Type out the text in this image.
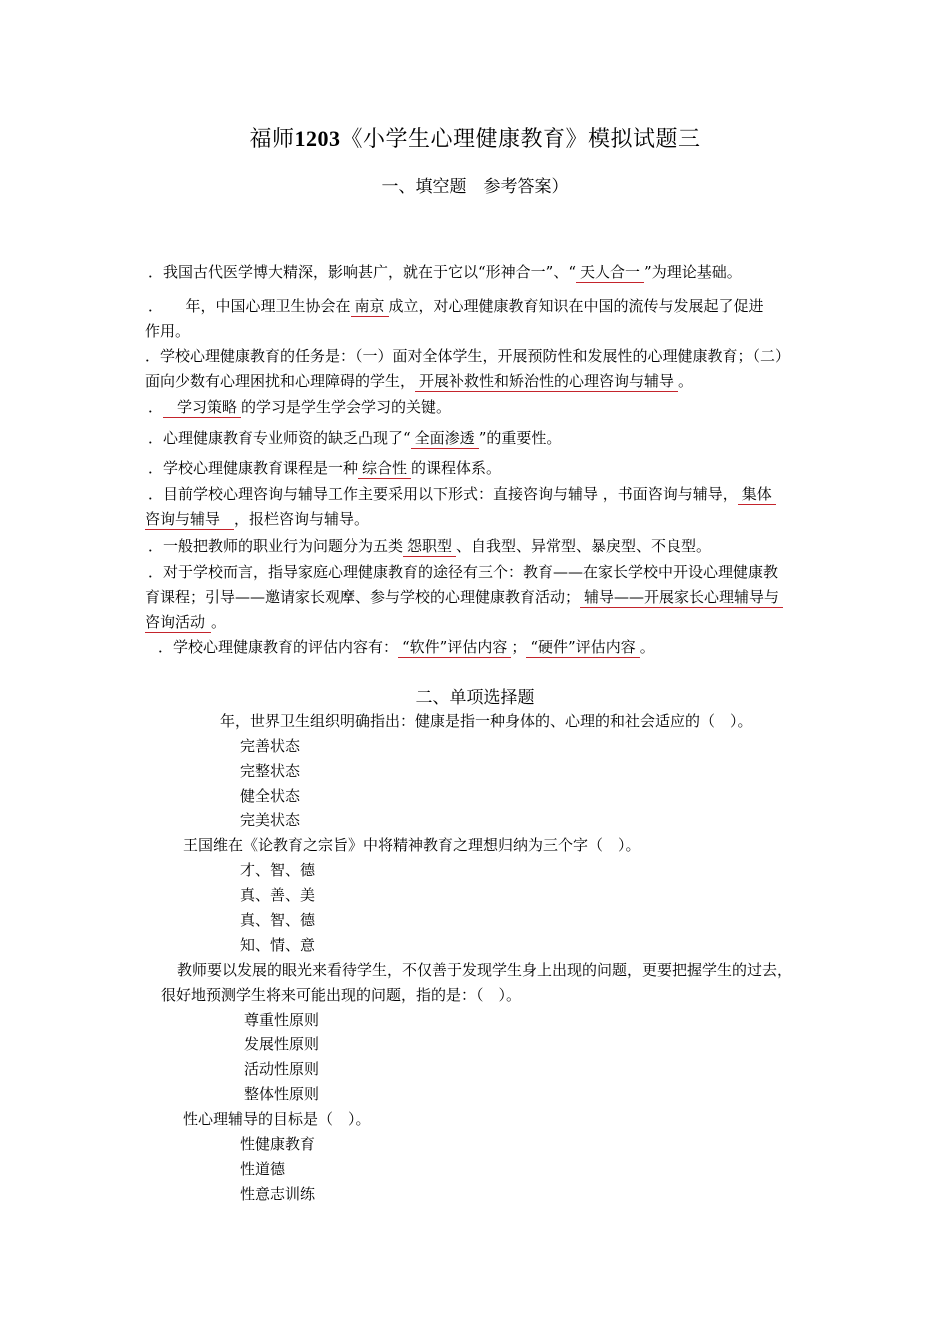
福师1203《小学生心理健康教育》模拟试题三
一、填空题　参考答案）
．我国古代医学博大精深，影响甚广，就在于它以“形神合一”、“ 天人合一 ”为理论基础。
．　　年，中国心理卫生协会在 南京 成立，对心理健康教育知识在中国的流传与发展起了促进
作用。
．学校心理健康教育的任务是：（一）面对全体学生，开展预防性和发展性的心理健康教育；（二）
面向少数有心理困扰和心理障碍的学生， 开展补救性和矫治性的心理咨询与辅导 。
． 学习策略 的学习是学生学会学习的关键。
．心理健康教育专业师资的缺乏凸现了“ 全面渗透 ”的重要性。
．学校心理健康教育课程是一种 综合性 的课程体系。
．目前学校心理咨询与辅导工作主要采用以下形式：直接咨询与辅导 ，书面咨询与辅导， 集体
咨询与辅导 ，报栏咨询与辅导。
．一般把教师的职业行为问题分为五类 怨职型 、自我型、异常型、暴戾型、不良型。
．对于学校而言，指导家庭心理健康教育的途径有三个：教育——在家长学校中开设心理健康教
育课程；引导——邀请家长观摩、参与学校的心理健康教育活动； 辅导——开展家长心理辅导与
咨询活动 。
．学校心理健康教育的评估内容有： “软件”评估内容 ； “硬件”评估内容 。
二、单项选择题
年，世界卫生组织明确指出：健康是指一种身体的、心理的和社会适应的（　）。
完善状态
完整状态
健全状态
完美状态
王国维在《论教育之宗旨》中将精神教育之理想归纳为三个字（　）。
才、智、德
真、善、美
真、智、德
知、情、意
教师要以发展的眼光来看待学生，不仅善于发现学生身上出现的问题，更要把握学生的过去，
很好地预测学生将来可能出现的问题，指的是：（　）。
尊重性原则
发展性原则
活动性原则
整体性原则
性心理辅导的目标是（　）。
性健康教育
性道德
性意志训练
